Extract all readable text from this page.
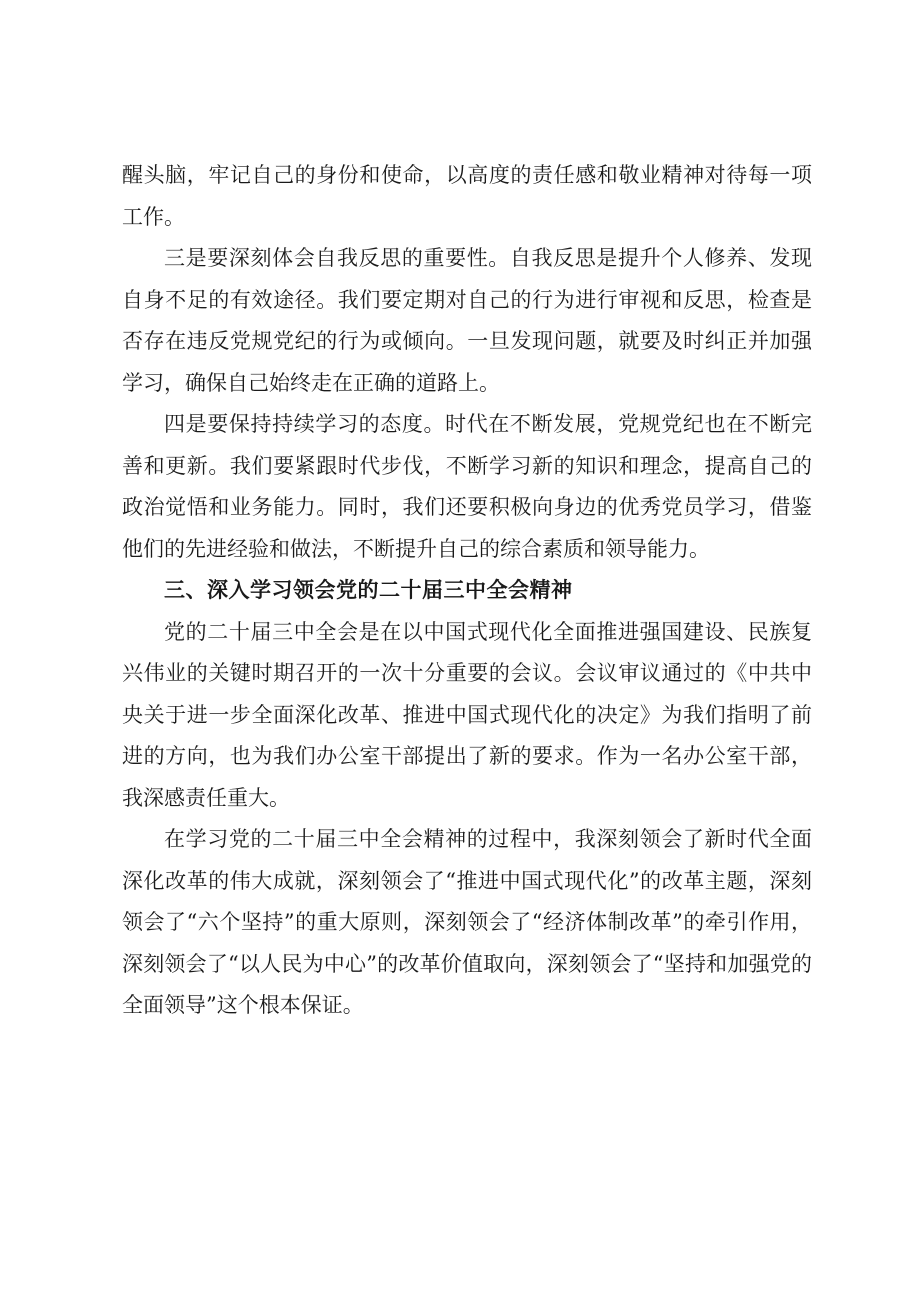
醒头脑，牢记自己的身份和使命，以高度的责任感和敬业精神对待每一项工作。

三是要深刻体会自我反思的重要性。自我反思是提升个人修养、发现自身不足的有效途径。我们要定期对自己的行为进行审视和反思，检查是否存在违反党规党纪的行为或倾向。一旦发现问题，就要及时纠正并加强学习，确保自己始终走在正确的道路上。

四是要保持持续学习的态度。时代在不断发展，党规党纪也在不断完善和更新。我们要紧跟时代步伐，不断学习新的知识和理念，提高自己的政治觉悟和业务能力。同时，我们还要积极向身边的优秀党员学习，借鉴他们的先进经验和做法，不断提升自己的综合素质和领导能力。

三、深入学习领会党的二十届三中全会精神

党的二十届三中全会是在以中国式现代化全面推进强国建设、民族复兴伟业的关键时期召开的一次十分重要的会议。会议审议通过的《中共中央关于进一步全面深化改革、推进中国式现代化的决定》为我们指明了前进的方向，也为我们办公室干部提出了新的要求。作为一名办公室干部，我深感责任重大。

在学习党的二十届三中全会精神的过程中，我深刻领会了新时代全面深化改革的伟大成就，深刻领会了“推进中国式现代化”的改革主题，深刻领会了“六个坚持”的重大原则，深刻领会了“经济体制改革”的牵引作用，深刻领会了“以人民为中心”的改革价值取向，深刻领会了“坚持和加强党的全面领导”这个根本保证。
